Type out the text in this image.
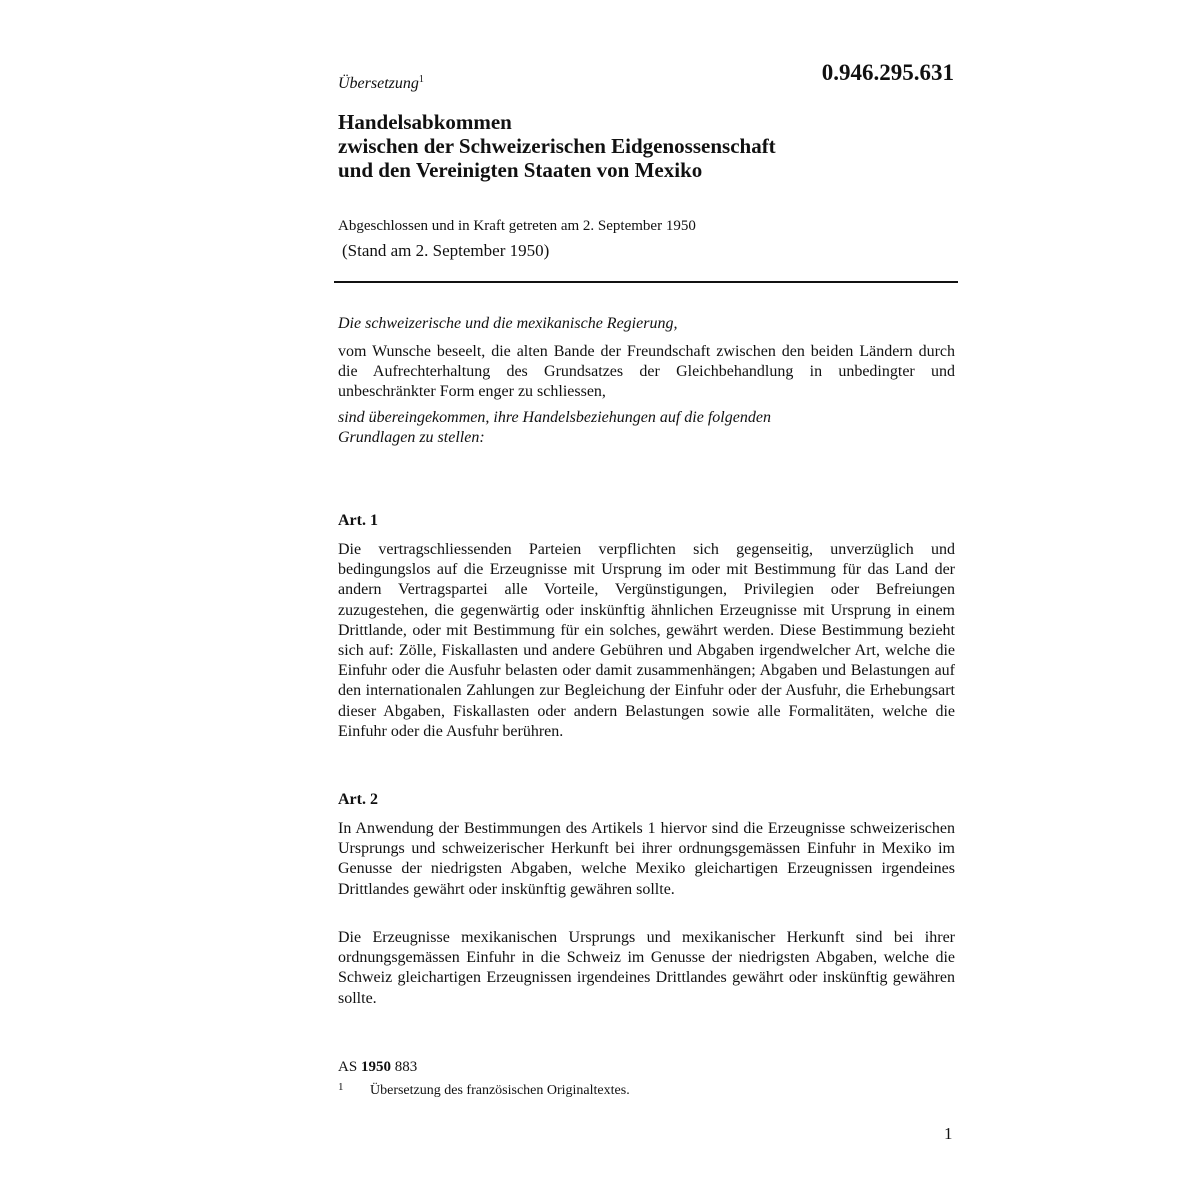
Übersetzung$^1$	0.946.295.631

Handelsabkommen
zwischen der Schweizerischen Eidgenossenschaft
und den Vereinigten Staaten von Mexiko

Abgeschlossen und in Kraft getreten am 2. September 1950

(Stand am 2. September 1950)

Die schweizerische und die mexikanische Regierung,

vom Wunsche beseelt, die alten Bande der Freundschaft zwischen den beiden Ländern durch die Aufrechterhaltung des Grundsatzes der Gleichbehandlung in unbedingter und unbeschränkter Form enger zu schliessen,

sind übereingekommen, ihre Handelsbeziehungen auf die folgenden Grundlagen zu stellen:

Art. 1

Die vertragschliessenden Parteien verpflichten sich gegenseitig, unverzüglich und bedingungslos auf die Erzeugnisse mit Ursprung im oder mit Bestimmung für das Land der andern Vertragspartei alle Vorteile, Vergünstigungen, Privilegien oder Befreiungen zuzugestehen, die gegenwärtig oder inskünftig ähnlichen Erzeugnisse mit Ursprung in einem Drittlande, oder mit Bestimmung für ein solches, gewährt werden. Diese Bestimmung bezieht sich auf: Zölle, Fiskallasten und andere Gebühren und Abgaben irgendwelcher Art, welche die Einfuhr oder die Ausfuhr belasten oder damit zusammenhängen; Abgaben und Belastungen auf den internationalen Zahlungen zur Begleichung der Einfuhr oder der Ausfuhr, die Erhebungsart dieser Abgaben, Fiskallasten oder andern Belastungen sowie alle Formalitäten, welche die Einfuhr oder die Ausfuhr berühren.

Art. 2

In Anwendung der Bestimmungen des Artikels 1 hiervor sind die Erzeugnisse schweizerischen Ursprungs und schweizerischer Herkunft bei ihrer ordnungsgemässen Einfuhr in Mexiko im Genusse der niedrigsten Abgaben, welche Mexiko gleichartigen Erzeugnissen irgendeines Drittlandes gewährt oder inskünftig gewähren sollte.

Die Erzeugnisse mexikanischen Ursprungs und mexikanischer Herkunft sind bei ihrer ordnungsgemässen Einfuhr in die Schweiz im Genusse der niedrigsten Abgaben, welche die Schweiz gleichartigen Erzeugnissen irgendeines Drittlandes gewährt oder inskünftig gewähren sollte.

AS 1950 883

1 Übersetzung des französischen Originaltextes.

1
